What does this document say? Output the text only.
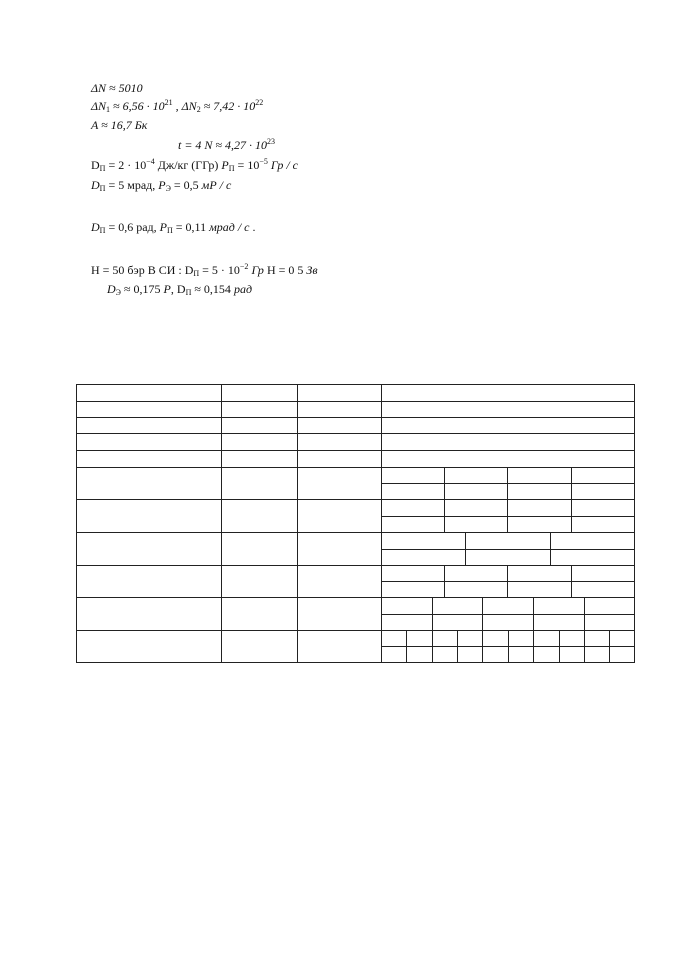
ΔN ≈ 5010
$\Delta N_1 \approx 6,56 \cdot 10^{21}$ , $\Delta N_2 \approx 7,42 \cdot 10^{22}$
A ≈ 16,7 Бк
t = 4 $N \approx 4,27 \cdot 10^{23}$
$D_П = 2 \cdot 10^{-4}$ Дж/кг (ГГр) $P_П = 10^{-5}$ Гр / с
$D_П = 5$ мрад, $P_Э = 0,5$ мР / с
$D_П = 0,6$ рад, $P_П = 0,11$ мрад / с .
H = 50 бэр В СИ : $D_П = 5 \cdot 10^{-2}$ Гр H = 0 5 Зв
$D_Э \approx 0,175$ Р, $D_П \approx 0,154$ рад
